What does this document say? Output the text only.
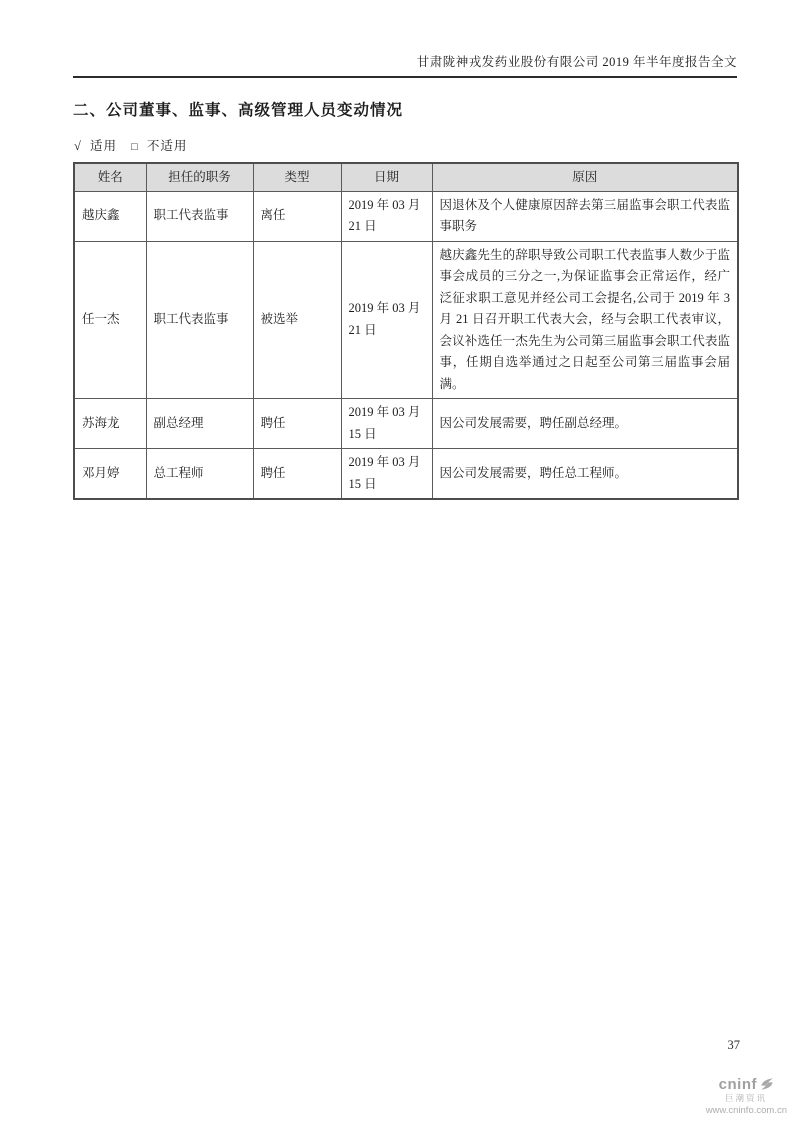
甘肃陇神戎发药业股份有限公司 2019 年半年度报告全文
二、公司董事、监事、高级管理人员变动情况
√ 适用 □ 不适用
姓名	担任的职务	类型	日期	原因
越庆鑫	职工代表监事	离任	2019 年 03 月 21 日	因退休及个人健康原因辞去第三届监事会职工代表监事职务
任一杰	职工代表监事	被选举	2019 年 03 月 21 日	越庆鑫先生的辞职导致公司职工代表监事人数少于监事会成员的三分之一,为保证监事会正常运作，经广泛征求职工意见并经公司工会提名,公司于 2019 年 3 月 21 日召开职工代表大会，经与会职工代表审议，会议补选任一杰先生为公司第三届监事会职工代表监事，任期自选举通过之日起至公司第三届监事会届满。
苏海龙	副总经理	聘任	2019 年 03 月 15 日	因公司发展需要，聘任副总经理。
邓月婷	总工程师	聘任	2019 年 03 月 15 日	因公司发展需要，聘任总工程师。
37
cninf
巨潮资讯
www.cninfo.com.cn
